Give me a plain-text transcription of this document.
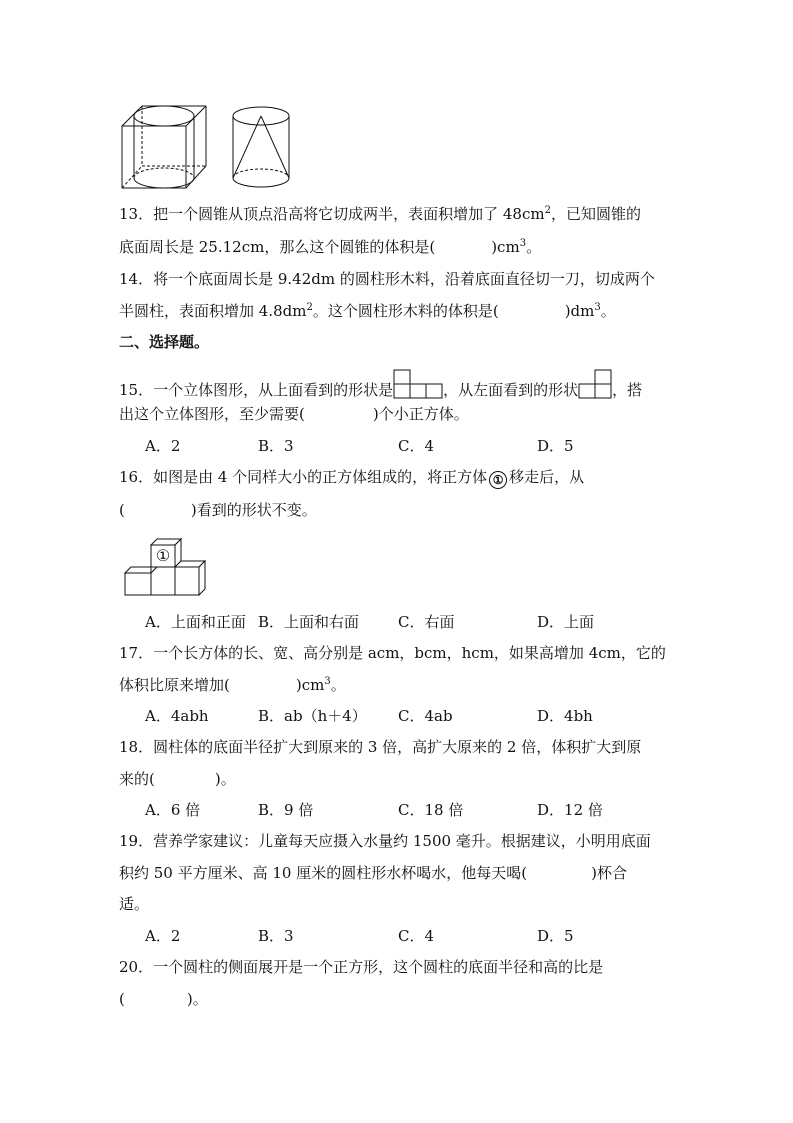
13．把一个圆锥从顶点沿高将它切成两半，表面积增加了 $48cm^2$，已知圆锥的
底面周长是 25.12cm，那么这个圆锥的体积是(	)$cm^3$。
14．将一个底面周长是 9.42dm 的圆柱形木料，沿着底面直径切一刀，切成两个
半圆柱，表面积增加 $4.8dm^2$。这个圆柱形木料的体积是(	)$dm^3$。
二、选择题。
15．一个立体图形，从上面看到的形状是	，从左面看到的形状 ，搭
出这个立体图形，至少需要(	)个小正方体。
A．2	B．3	C．4	D．5
16．如图是由 4 个同样大小的正方体组成的，将正方体 ① 移走后，从
(	)看到的形状不变。
①
A．上面和正面 B．上面和右面	C．右面	D．上面
17．一个长方体的长、宽、高分别是 acm，bcm，hcm，如果高增加 4cm，它的
体积比原来增加(	)$cm^3$。
A．4abh	B．ab（h＋4） C．4ab	D．4bh
18．圆柱体的底面半径扩大到原来的 3 倍，高扩大原来的 2 倍，体积扩大到原
来的(	)。
A．6 倍	B．9 倍	C．18 倍	D．12 倍
19．营养学家建议：儿童每天应摄入水量约 1500 毫升。根据建议，小明用底面
积约 50 平方厘米、高 10 厘米的圆柱形水杯喝水，他每天喝(	)杯合
适。
A．2	B．3	C．4	D．5
20．一个圆柱的侧面展开是一个正方形，这个圆柱的底面半径和高的比是
(	)。
